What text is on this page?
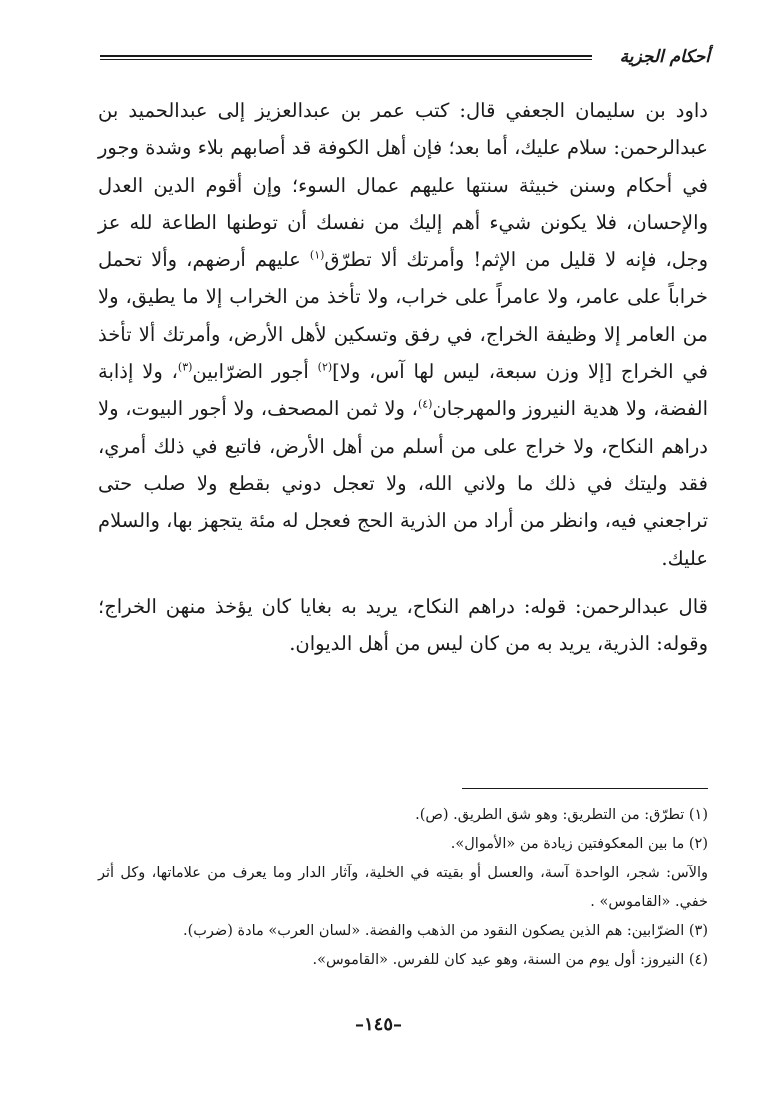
أحكام الجزية

داود بن سليمان الجعفي قال: كتب عمر بن عبدالعزيز إلى عبدالحميد بن عبدالرحمن: سلام عليك، أما بعد؛ فإن أهل الكوفة قد أصابهم بلاء وشدة وجور في أحكام وسنن خبيثة سنتها عليهم عمال السوء؛ وإن أقوم الدين العدل والإحسان، فلا يكونن شيء أهم إليك من نفسك أن توطنها الطاعة لله عز وجل، فإنه لا قليل من الإثم! وأمرتك ألا تطرّق$^{(١)}$ عليهم أرضهم، وألا تحمل خراباً على عامر، ولا عامراً على خراب، ولا تأخذ من الخراب إلا ما يطيق، ولا من العامر إلا وظيفة الخراج، في رفق وتسكين لأهل الأرض، وأمرتك ألا تأخذ في الخراج [إلا وزن سبعة، ليس لها آس، ولا]$^{(٢)}$ أجور الضرّابين$^{(٣)}$، ولا إذابة الفضة، ولا هدية النيروز والمهرجان$^{(٤)}$، ولا ثمن المصحف، ولا أجور البيوت، ولا دراهم النكاح، ولا خراج على من أسلم من أهل الأرض، فاتبع في ذلك أمري، فقد وليتك في ذلك ما ولاني الله، ولا تعجل دوني بقطع ولا صلب حتى تراجعني فيه، وانظر من أراد من الذرية الحج فعجل له مئة يتجهز بها، والسلام عليك.

قال عبدالرحمن: قوله: دراهم النكاح، يريد به بغايا كان يؤخذ منهن الخراج؛ وقوله: الذرية، يريد به من كان ليس من أهل الديوان.

(١) تطرّق: من التطريق: وهو شق الطريق. (ص).

(٢) ما بين المعكوفتين زيادة من «الأموال».

والآس: شجر، الواحدة آسة، والعسل أو بقيته في الخلية، وآثار الدار وما يعرف من علاماتها، وكل أثر خفي. «القاموس» .

(٣) الضرّابين: هم الذين يصكون النقود من الذهب والفضة. «لسان العرب» مادة (ضرب).

(٤) النيروز: أول يوم من السنة، وهو عيد كان للفرس. «القاموس».

–١٤٥–
